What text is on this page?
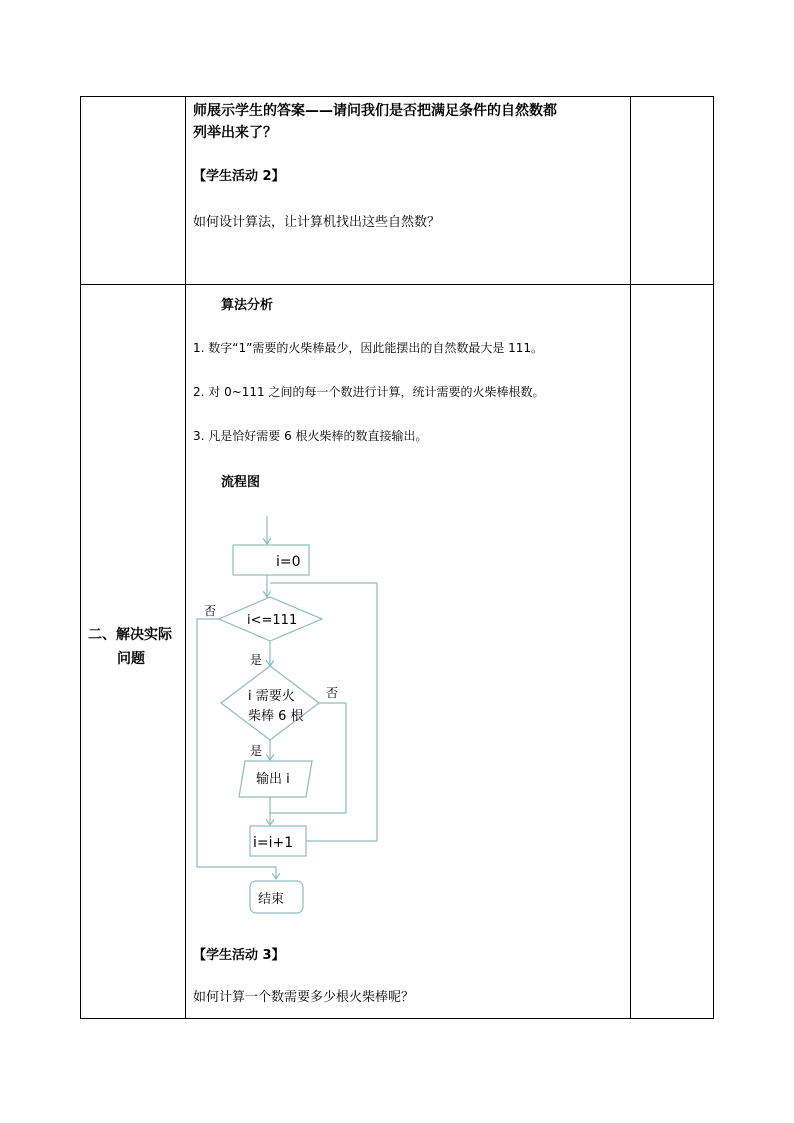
师展示学生的答案——请问我们是否把满足条件的自然数都
列举出来了？
【学生活动 2】
如何设计算法，让计算机找出这些自然数？
二、解决实际
问题
算法分析
1. 数字“1”需要的火柴棒最少，因此能摆出的自然数最大是 111。
2. 对 0~111 之间的每一个数进行计算，统计需要的火柴棒根数。
3. 凡是恰好需要 6 根火柴棒的数直接输出。
流程图
i=0
i<=111
i 需要火
柴棒 6 根
输出 i
i=i+1
结束
是
是
否
否
【学生活动 3】
如何计算一个数需要多少根火柴棒呢？
